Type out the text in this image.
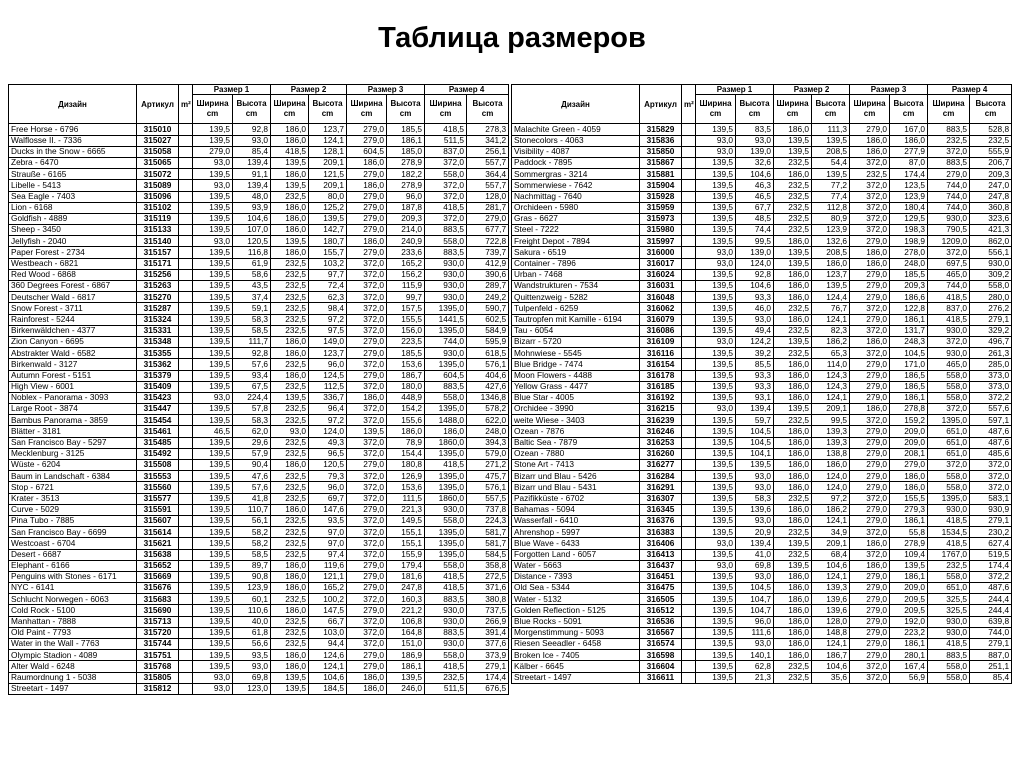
Таблица размеров
Дизайн	Артикул	m²	Размер 1		Размер 2		Размер 3		Размер 4	
			Ширина cm	Высота cm	Ширина cm	Высота cm	Ширина cm	Высота cm	Ширина cm	Высота cm
Free Horse - 6796	315010		139,5	92,8	186,0	123,7	279,0	185,5	418,5	278,3
Walflosse II. - 7336	315027		139,5	93,0	186,0	124,1	279,0	186,1	511,5	341,2
Ducks in the Snow - 6665	315058		279,0	85,4	418,5	128,1	604,5	185,0	837,0	256,1
Zebra - 6470	315065		93,0	139,4	139,5	209,1	186,0	278,9	372,0	557,7
Strauße - 6165	315072		139,5	91,1	186,0	121,5	279,0	182,2	558,0	364,4
Libelle - 5413	315089		93,0	139,4	139,5	209,1	186,0	278,9	372,0	557,7
Sea Eagle - 7403	315096		139,5	48,0	232,5	80,0	279,0	96,0	372,0	128,0
Lion - 6168	315102		139,5	93,9	186,0	125,2	279,0	187,8	418,5	281,7
Goldfish - 4889	315119		139,5	104,6	186,0	139,5	279,0	209,3	372,0	279,0
Sheep - 3450	315133		139,5	107,0	186,0	142,7	279,0	214,0	883,5	677,7
Jellyfish - 2040	315140		93,0	120,5	139,5	180,7	186,0	240,9	558,0	722,8
Paper Forest - 2734	315157		139,5	116,8	186,0	155,7	279,0	233,6	883,5	739,7
Westbeach - 6821	315171		139,5	61,9	232,5	103,2	372,0	165,2	930,0	412,9
Red Wood - 6868	315256		139,5	58,6	232,5	97,7	372,0	156,2	930,0	390,6
360 Degrees Forest - 6867	315263		139,5	43,5	232,5	72,4	372,0	115,9	930,0	289,7
Deutscher Wald - 6817	315270		139,5	37,4	232,5	62,3	372,0	99,7	930,0	249,2
Snow Forest - 3711	315287		139,5	59,1	232,5	98,4	372,0	157,5	1395,0	590,7
Rainforest - 5244	315324		139,5	58,3	232,5	97,2	372,0	155,5	1441,5	602,5
Birkenwäldchen - 4377	315331		139,5	58,5	232,5	97,5	372,0	156,0	1395,0	584,9
Zion Canyon - 6695	315348		139,5	111,7	186,0	149,0	279,0	223,5	744,0	595,9
Abstrakter Wald - 6582	315355		139,5	92,8	186,0	123,7	279,0	185,5	930,0	618,5
Birkenwald - 3127	315362		139,5	57,6	232,5	96,0	372,0	153,6	1395,0	576,1
Autumn Forest - 5151	315379		139,5	93,4	186,0	124,5	279,0	186,7	604,5	404,6
High View - 6001	315409		139,5	67,5	232,5	112,5	372,0	180,0	883,5	427,6
Noblex - Panorama - 3093	315423		93,0	224,4	139,5	336,7	186,0	448,9	558,0	1346,8
Large Root - 3874	315447		139,5	57,8	232,5	96,4	372,0	154,2	1395,0	578,2
Bambus Panorama - 3859	315454		139,5	58,3	232,5	97,2	372,0	155,6	1488,0	622,0
Blätter - 3181	315461		46,5	62,0	93,0	124,0	139,5	186,0	186,0	248,0
San Francisco Bay - 5297	315485		139,5	29,6	232,5	49,3	372,0	78,9	1860,0	394,3
Mecklenburg - 3125	315492		139,5	57,9	232,5	96,5	372,0	154,4	1395,0	579,0
Wüste - 6204	315508		139,5	90,4	186,0	120,5	279,0	180,8	418,5	271,2
Baum in Landschaft - 6384	315553		139,5	47,6	232,5	79,3	372,0	126,9	1395,0	475,7
Stop - 6721	315560		139,5	57,6	232,5	96,0	372,0	153,6	1395,0	576,1
Krater - 3513	315577		139,5	41,8	232,5	69,7	372,0	111,5	1860,0	557,5
Curve - 5029	315591		139,5	110,7	186,0	147,6	279,0	221,3	930,0	737,8
Pina Tubo - 7885	315607		139,5	56,1	232,5	93,5	372,0	149,5	558,0	224,3
San Francisco Bay - 6699	315614		139,5	58,2	232,5	97,0	372,0	155,1	1395,0	581,7
Westcoast - 6704	315621		139,5	58,2	232,5	97,0	372,0	155,1	1395,0	581,7
Desert - 6687	315638		139,5	58,5	232,5	97,4	372,0	155,9	1395,0	584,5
Elephant - 6166	315652		139,5	89,7	186,0	119,6	279,0	179,4	558,0	358,8
Penguins with Stones - 6171	315669		139,5	90,8	186,0	121,1	279,0	181,6	418,5	272,5
NYC - 6141	315676		139,5	123,9	186,0	165,2	279,0	247,8	418,5	371,6
Schlucht Norwegen - 6063	315683		139,5	60,1	232,5	100,2	372,0	160,3	883,5	380,8
Cold Rock - 5100	315690		139,5	110,6	186,0	147,5	279,0	221,2	930,0	737,5
Manhattan - 7888	315713		139,5	40,0	232,5	66,7	372,0	106,8	930,0	266,9
Old Paint - 7793	315720		139,5	61,8	232,5	103,0	372,0	164,8	883,5	391,4
Water in the Wall - 7763	315744		139,5	56,6	232,5	94,4	372,0	151,0	930,0	377,6
Olympic Stadion - 4089	315751		139,5	93,5	186,0	124,6	279,0	186,9	558,0	373,9
Alter Wald - 6248	315768		139,5	93,0	186,0	124,1	279,0	186,1	418,5	279,1
Raumordnung 1 - 5038	315805		93,0	69,8	139,5	104,6	186,0	139,5	232,5	174,4
Streetart - 1497	315812		93,0	123,0	139,5	184,5	186,0	246,0	511,5	676,5
Дизайн	Артикул	m²	Размер 1		Размер 2		Размер 3		Размер 4	
			Ширина cm	Высота cm	Ширина cm	Высота cm	Ширина cm	Высота cm	Ширина cm	Высота cm
Malachite Green - 4059	315829		139,5	83,5	186,0	111,3	279,0	167,0	883,5	528,8
Stonecolors - 4063	315836		93,0	93,0	139,5	139,5	186,0	186,0	232,5	232,5
Visibility - 4087	315850		93,0	139,0	139,5	208,5	186,0	277,9	372,0	555,9
Paddock - 7895	315867		139,5	32,6	232,5	54,4	372,0	87,0	883,5	206,7
Sommergras - 3214	315881		139,5	104,6	186,0	139,5	232,5	174,4	279,0	209,3
Sommerwiese - 7642	315904		139,5	46,3	232,5	77,2	372,0	123,5	744,0	247,0
Nachmittag - 7640	315928		139,5	46,5	232,5	77,4	372,0	123,9	744,0	247,8
Orchideen - 5980	315959		139,5	67,7	232,5	112,8	372,0	180,4	744,0	360,8
Gras - 6627	315973		139,5	48,5	232,5	80,9	372,0	129,5	930,0	323,6
Steel - 7222	315980		139,5	74,4	232,5	123,9	372,0	198,3	790,5	421,3
Freight Depot - 7894	315997		139,5	99,5	186,0	132,6	279,0	198,9	1209,0	862,0
Sakura - 6519	316000		93,0	139,0	139,5	208,5	186,0	278,0	372,0	556,1
Container - 7896	316017		93,0	124,0	139,5	186,0	186,0	248,0	697,5	930,0
Urban - 7468	316024		139,5	92,8	186,0	123,7	279,0	185,5	465,0	309,2
Wandstrukturen - 7534	316031		139,5	104,6	186,0	139,5	279,0	209,3	744,0	558,0
Quittenzweig - 5282	316048		139,5	93,3	186,0	124,4	279,0	186,6	418,5	280,0
Tulpenfeld - 6259	316062		139,5	46,0	232,5	76,7	372,0	122,8	837,0	276,2
Tautropfen mit Kamille - 6194	316079		139,5	93,0	186,0	124,1	279,0	186,1	418,5	279,1
Tau - 6054	316086		139,5	49,4	232,5	82,3	372,0	131,7	930,0	329,2
Bizarr - 5720	316109		93,0	124,2	139,5	186,2	186,0	248,3	372,0	496,7
Mohnwiese - 5545	316116		139,5	39,2	232,5	65,3	372,0	104,5	930,0	261,3
Blue Bridge - 7474	316154		139,5	85,5	186,0	114,0	279,0	171,0	465,0	285,0
Moon Flowers - 4488	316178		139,5	93,3	186,0	124,3	279,0	186,5	558,0	373,0
Yellow Grass - 4477	316185		139,5	93,3	186,0	124,3	279,0	186,5	558,0	373,0
Blue Star - 4005	316192		139,5	93,1	186,0	124,1	279,0	186,1	558,0	372,2
Orchidee - 3990	316215		93,0	139,4	139,5	209,1	186,0	278,8	372,0	557,6
weite Wiese - 3403	316239		139,5	59,7	232,5	99,5	372,0	159,2	1395,0	597,1
Ozean - 7876	316246		139,5	104,5	186,0	139,3	279,0	209,0	651,0	487,6
Baltic Sea - 7879	316253		139,5	104,5	186,0	139,3	279,0	209,0	651,0	487,6
Ozean - 7880	316260		139,5	104,1	186,0	138,8	279,0	208,1	651,0	485,6
Stone Art - 7413	316277		139,5	139,5	186,0	186,0	279,0	279,0	372,0	372,0
Bizarr und Blau - 5426	316284		139,5	93,0	186,0	124,0	279,0	186,0	558,0	372,0
Bizarr und Blau - 5431	316291		139,5	93,0	186,0	124,0	279,0	186,0	558,0	372,0
Pazifikküste - 6702	316307		139,5	58,3	232,5	97,2	372,0	155,5	1395,0	583,1
Bahamas - 5094	316345		139,5	139,6	186,0	186,2	279,0	279,3	930,0	930,9
Wasserfall - 6410	316376		139,5	93,0	186,0	124,1	279,0	186,1	418,5	279,1
Ahrenshop - 5997	316383		139,5	20,9	232,5	34,9	372,0	55,8	1534,5	230,2
Blue Wave - 6433	316406		93,0	139,4	139,5	209,1	186,0	278,9	418,5	627,4
Forgotten Land - 6057	316413		139,5	41,0	232,5	68,4	372,0	109,4	1767,0	519,5
Water - 5663	316437		93,0	69,8	139,5	104,6	186,0	139,5	232,5	174,4
Distance - 7393	316451		139,5	93,0	186,0	124,1	279,0	186,1	558,0	372,2
Old Sea - 5344	316475		139,5	104,5	186,0	139,3	279,0	209,0	651,0	487,6
Water - 5132	316505		139,5	104,7	186,0	139,6	279,0	209,5	325,5	244,4
Golden Reflection - 5125	316512		139,5	104,7	186,0	139,6	279,0	209,5	325,5	244,4
Blue Rocks - 5091	316536		139,5	96,0	186,0	128,0	279,0	192,0	930,0	639,8
Morgenstimmung - 5093	316567		139,5	111,6	186,0	148,8	279,0	223,2	930,0	744,0
Riesen Seeadler - 6458	316574		139,5	93,0	186,0	124,1	279,0	186,1	418,5	279,1
Broken Ice - 7405	316598		139,5	140,1	186,0	186,7	279,0	280,1	883,5	887,0
Kälber - 6645	316604		139,5	62,8	232,5	104,6	372,0	167,4	558,0	251,1
Streetart - 1497	316611		139,5	21,3	232,5	35,6	372,0	56,9	558,0	85,4
